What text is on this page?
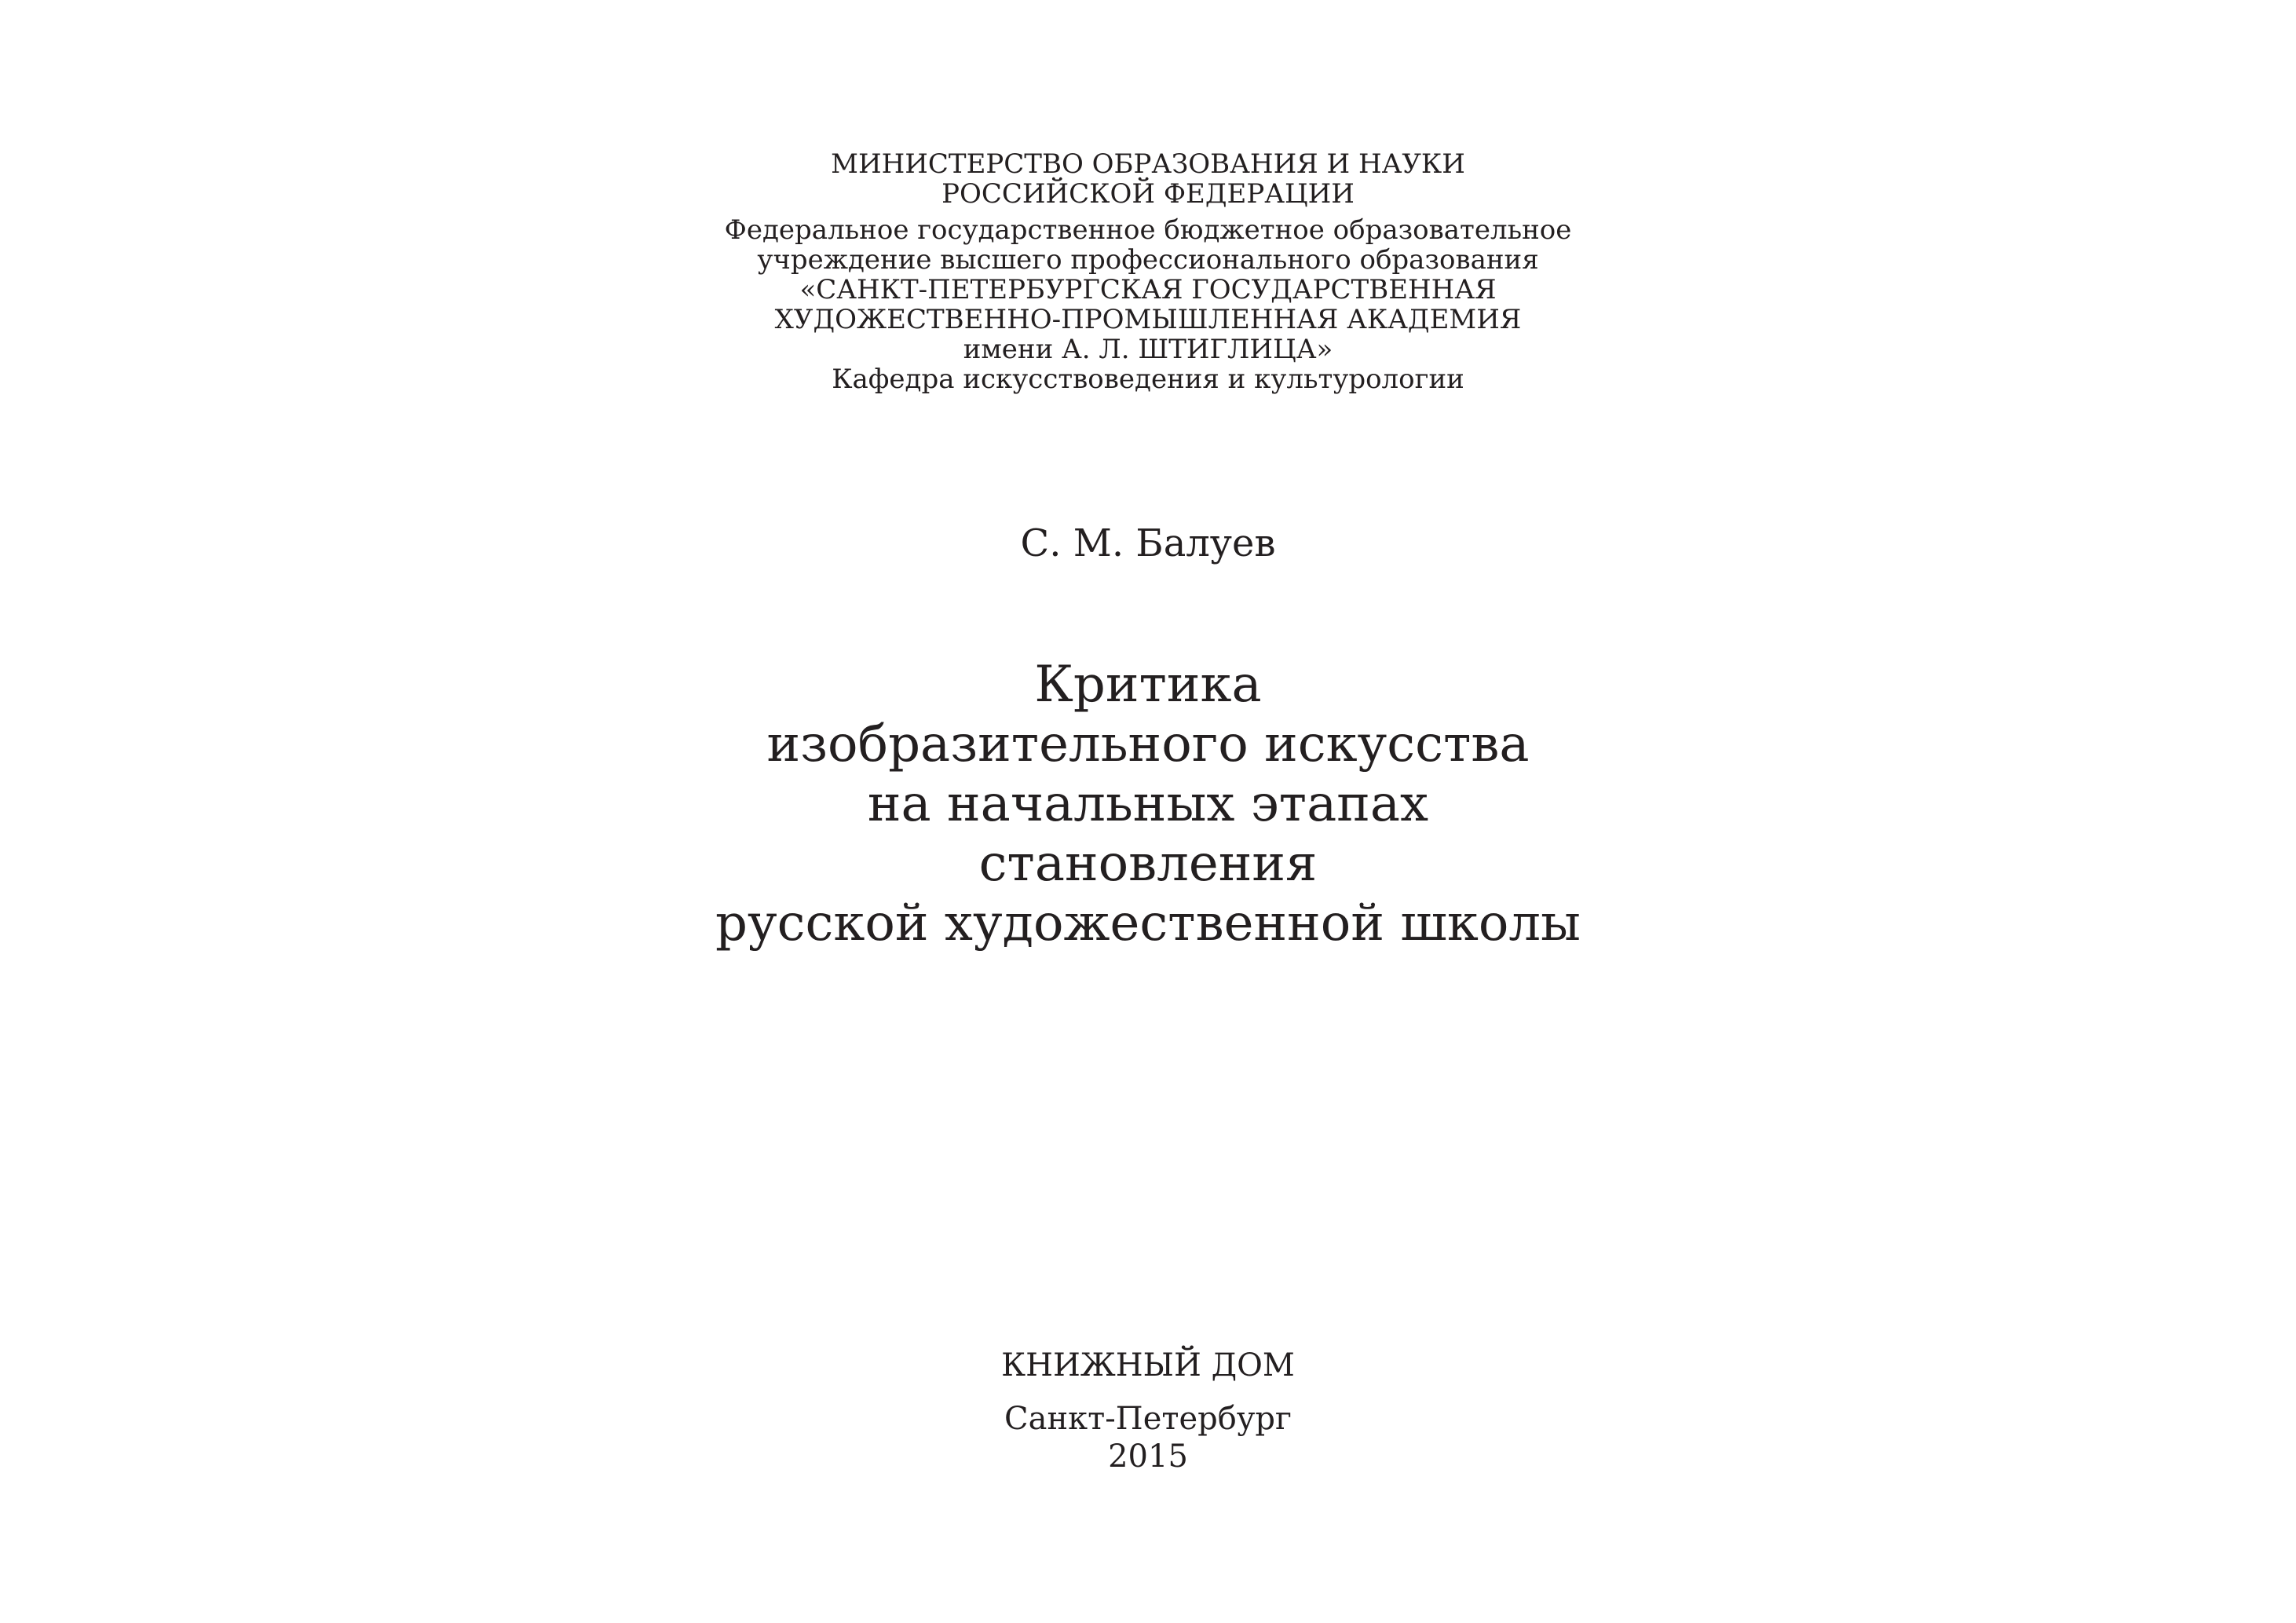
МИНИСТЕРСТВО ОБРАЗОВАНИЯ И НАУКИ
РОССИЙСКОЙ ФЕДЕРАЦИИ
Федеральное государственное бюджетное образовательное
учреждение высшего профессионального образования
«САНКТ-ПЕТЕРБУРГСКАЯ ГОСУДАРСТВЕННАЯ
ХУДОЖЕСТВЕННО-ПРОМЫШЛЕННАЯ АКАДЕМИЯ
имени А. Л. ШТИГЛИЦА»
Кафедра искусствоведения и культурологии
С. М. Балуев
Критика
изобразительного искусства
на начальных этапах
становления
русской художественной школы
КНИЖНЫЙ ДОМ
Санкт-Петербург
2015
